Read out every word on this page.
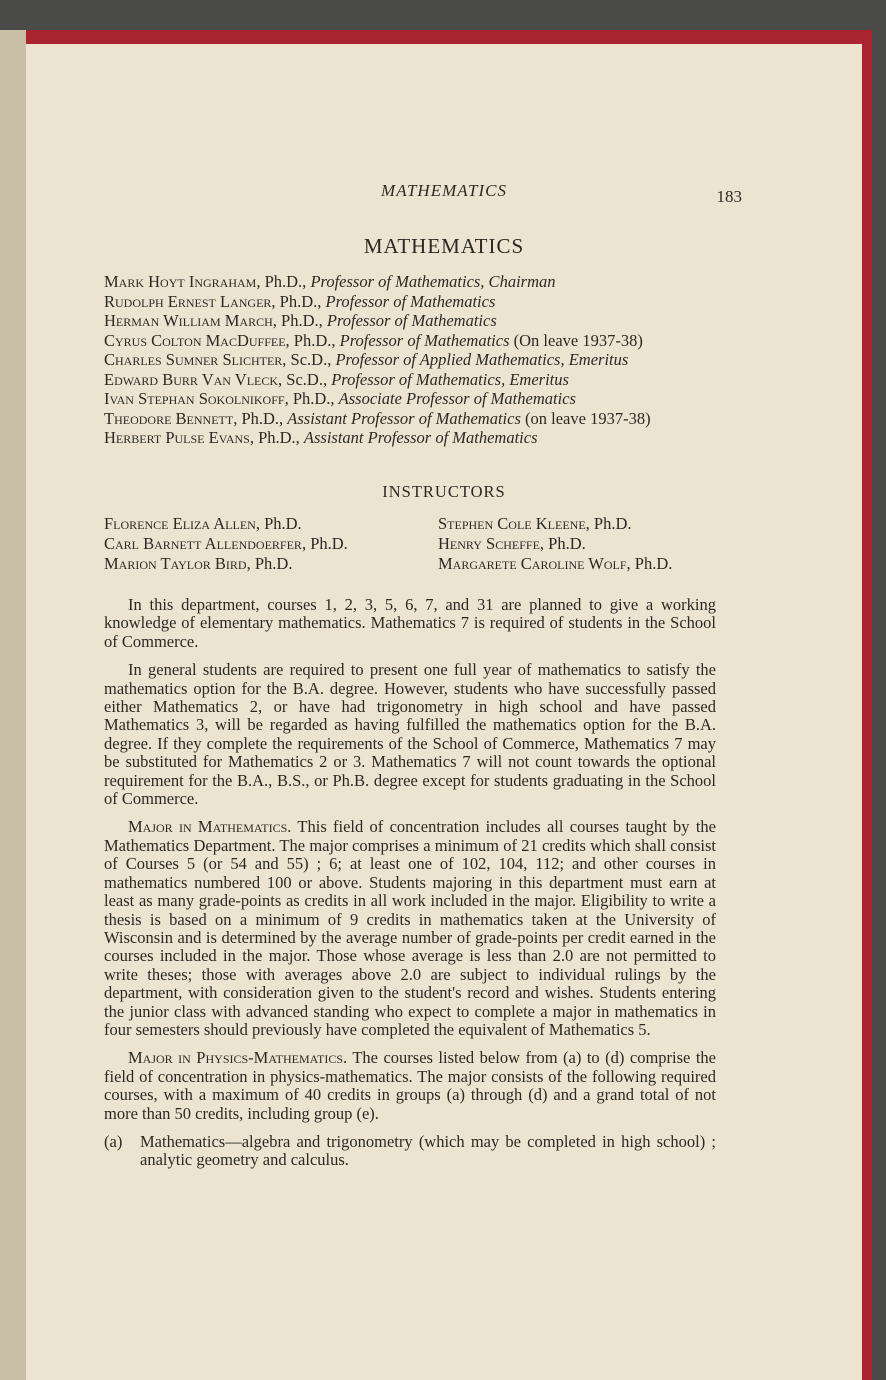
MATHEMATICS	183
MATHEMATICS
Mark Hoyt Ingraham, Ph.D., Professor of Mathematics, Chairman
Rudolph Ernest Langer, Ph.D., Professor of Mathematics
Herman William March, Ph.D., Professor of Mathematics
Cyrus Colton MacDuffee, Ph.D., Professor of Mathematics (On leave 1937-38)
Charles Sumner Slichter, Sc.D., Professor of Applied Mathematics, Emeritus
Edward Burr Van Vleck, Sc.D., Professor of Mathematics, Emeritus
Ivan Stephan Sokolnikoff, Ph.D., Associate Professor of Mathematics
Theodore Bennett, Ph.D., Assistant Professor of Mathematics (on leave 1937-38)
Herbert Pulse Evans, Ph.D., Assistant Professor of Mathematics
INSTRUCTORS
Florence Eliza Allen, Ph.D.
Carl Barnett Allendoerfer, Ph.D.
Marion Taylor Bird, Ph.D.
Stephen Cole Kleene, Ph.D.
Henry Scheffe, Ph.D.
Margarete Caroline Wolf, Ph.D.

In this department, courses 1, 2, 3, 5, 6, 7, and 31 are planned to give a working knowledge of elementary mathematics. Mathematics 7 is required of students in the School of Commerce.

In general students are required to present one full year of mathematics to satisfy the mathematics option for the B.A. degree. However, students who have successfully passed either Mathematics 2, or have had trigonometry in high school and have passed Mathematics 3, will be regarded as having fulfilled the mathematics option for the B.A. degree. If they complete the requirements of the School of Commerce, Mathematics 7 may be substituted for Mathematics 2 or 3. Mathematics 7 will not count towards the optional requirement for the B.A., B.S., or Ph.B. degree except for students graduating in the School of Commerce.

Major in Mathematics. This field of concentration includes all courses taught by the Mathematics Department. The major comprises a minimum of 21 credits which shall consist of Courses 5 (or 54 and 55) ; 6; at least one of 102, 104, 112; and other courses in mathematics numbered 100 or above. Students majoring in this department must earn at least as many grade-points as credits in all work included in the major. Eligibility to write a thesis is based on a minimum of 9 credits in mathematics taken at the University of Wisconsin and is determined by the average number of grade-points per credit earned in the courses included in the major. Those whose average is less than 2.0 are not permitted to write theses; those with averages above 2.0 are subject to individual rulings by the department, with consideration given to the student's record and wishes. Students entering the junior class with advanced standing who expect to complete a major in mathematics in four semesters should previously have completed the equivalent of Mathematics 5.

Major in Physics-Mathematics. The courses listed below from (a) to (d) comprise the field of concentration in physics-mathematics. The major consists of the following required courses, with a maximum of 40 credits in groups (a) through (d) and a grand total of not more than 50 credits, including group (e).

(a)	Mathematics—algebra and trigonometry (which may be completed in high school) ; analytic geometry and calculus.
